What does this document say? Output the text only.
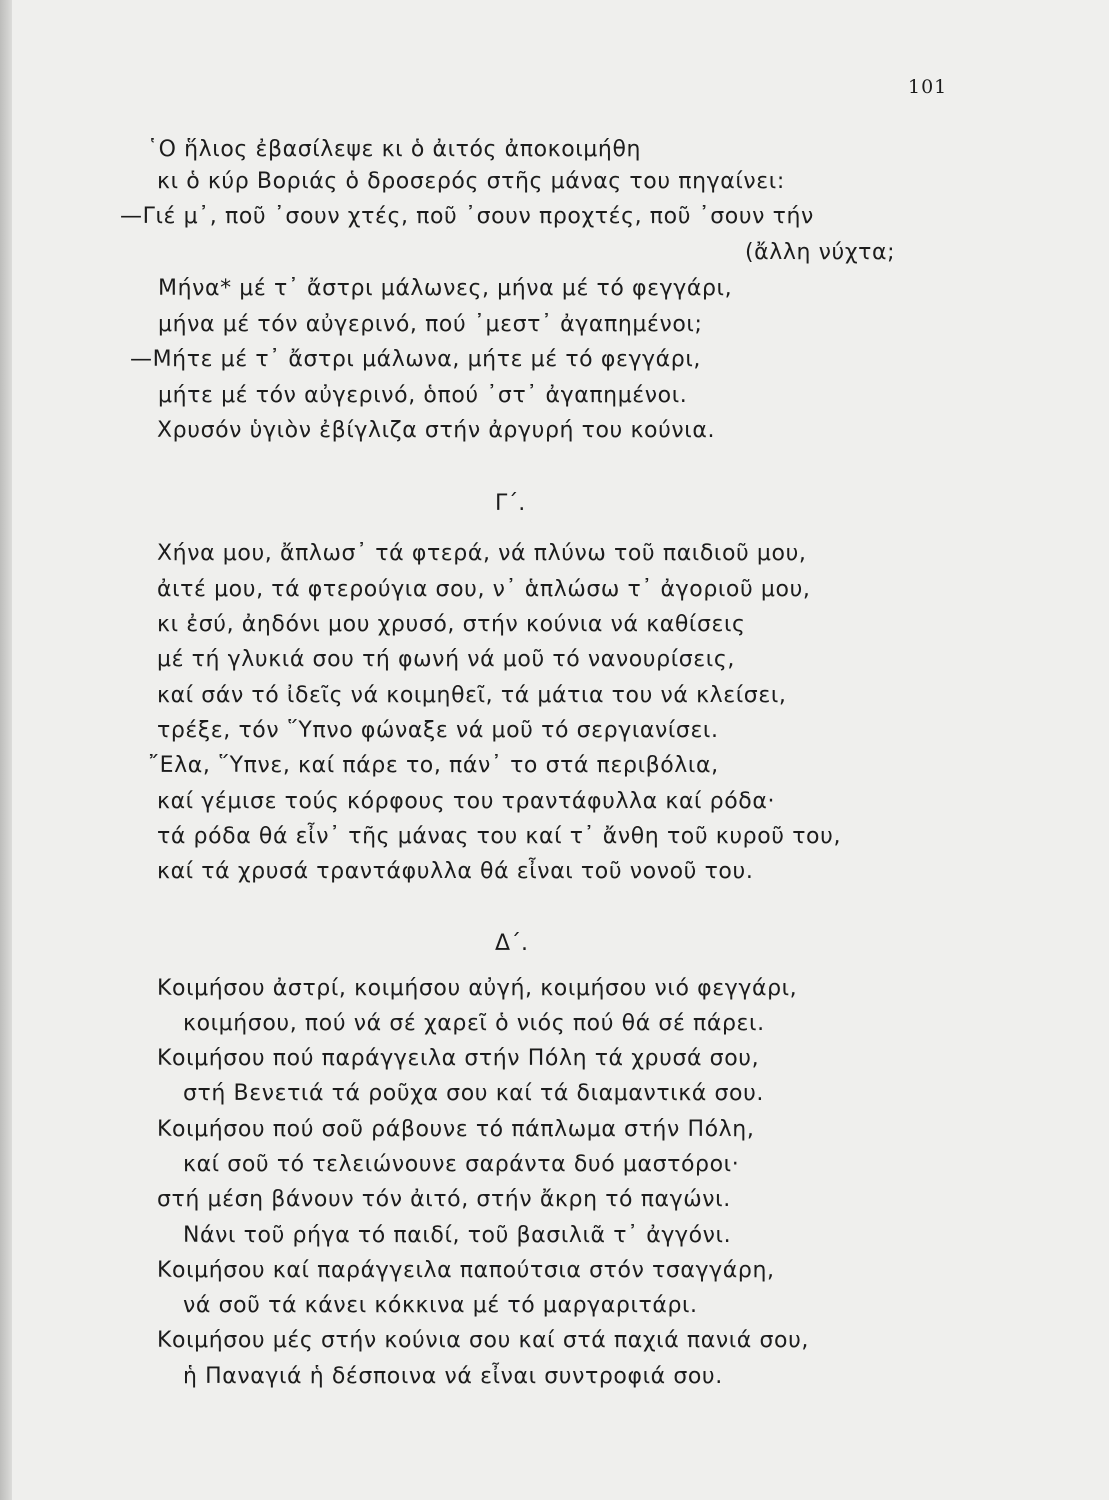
101
῾Ο ἥλιος ἐβασίλεψε κι ὁ ἀιτός ἀποκοιμήθη
κι ὁ κύρ Βοριάς ὁ δροσερός στῆς μάνας του πηγαίνει:
—Γιέ μ᾿, ποῦ ᾿σουν χτές, ποῦ ᾿σουν προχτές, ποῦ ᾿σουν τήν
(ἄλλη νύχτα;
Μήνα* μέ τ᾿ ἄστρι μάλωνες, μήνα μέ τό φεγγάρι,
μήνα μέ τόν αὐγερινό, πού ᾿μεστ᾿ ἀγαπημένοι;
—Μήτε μέ τ᾿ ἄστρι μάλωνα, μήτε μέ τό φεγγάρι,
μήτε μέ τόν αὐγερινό, ὁπού ᾿στ᾿ ἀγαπημένοι.
Χρυσόν ὑγιὸν ἐβίγλιζα στήν ἀργυρή του κούνια.
Γ΄.
Χήνα μου, ἄπλωσ᾿ τά φτερά, νά πλύνω τοῦ παιδιοῦ μου,
ἀιτέ μου, τά φτερούγια σου, ν᾿ ἁπλώσω τ᾿ ἀγοριοῦ μου,
κι ἐσύ, ἀηδόνι μου χρυσό, στήν κούνια νά καθίσεις
μέ τή γλυκιά σου τή φωνή νά μοῦ τό νανουρίσεις,
καί σάν τό ἰδεῖς νά κοιμηθεῖ, τά μάτια του νά κλείσει,
τρέξε, τόν ῞Υπνο φώναξε νά μοῦ τό σεργιανίσει.
῎Ελα, ῞Υπνε, καί πάρε το, πάν᾿ το στά περιβόλια,
καί γέμισε τούς κόρφους του τραντάφυλλα καί ρόδα·
τά ρόδα θά εἶν᾿ τῆς μάνας του καί τ᾿ ἄνθη τοῦ κυροῦ του,
καί τά χρυσά τραντάφυλλα θά εἶναι τοῦ νονοῦ του.
Δ΄.
Κοιμήσου ἀστρί, κοιμήσου αὐγή, κοιμήσου νιό φεγγάρι,
κοιμήσου, πού νά σέ χαρεῖ ὁ νιός πού θά σέ πάρει.
Κοιμήσου πού παράγγειλα στήν Πόλη τά χρυσά σου,
στή Βενετιά τά ροῦχα σου καί τά διαμαντικά σου.
Κοιμήσου πού σοῦ ράβουνε τό πάπλωμα στήν Πόλη,
καί σοῦ τό τελειώνουνε σαράντα δυό μαστόροι·
στή μέση βάνουν τόν ἀιτό, στήν ἄκρη τό παγώνι.
Νάνι τοῦ ρήγα τό παιδί, τοῦ βασιλιᾶ τ᾿ ἀγγόνι.
Κοιμήσου καί παράγγειλα παπούτσια στόν τσαγγάρη,
νά σοῦ τά κάνει κόκκινα μέ τό μαργαριτάρι.
Κοιμήσου μές στήν κούνια σου καί στά παχιά πανιά σου,
ἡ Παναγιά ἡ δέσποινα νά εἶναι συντροφιά σου.
